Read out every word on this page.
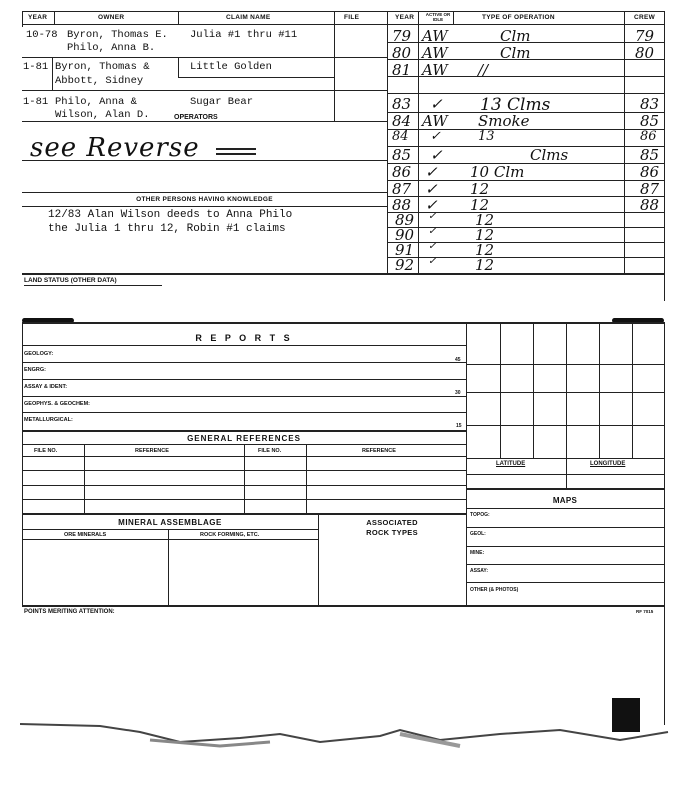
YEAR	OWNER	CLAIM NAME	FILE	YEAR	ACTIVE OR IDLE	TYPE OF OPERATION	CREW
10-78 Byron, Thomas E.
Philo, Anna B.
Julia #1 thru #11
1-81 Byron, Thomas &
Abbott, Sidney
Little Golden
1-81 Philo, Anna &
Wilson, Alan D.
Sugar Bear
OPERATORS
see Reverse
OTHER PERSONS HAVING KNOWLEDGE
12/83 Alan Wilson deeds to Anna Philo
the Julia 1 thru 12, Robin #1 claims
79 AW	Clm	79
80 AW	Clm	80
81 AW //
83 ✓ 13 Clms	83
84 AW Smoke	85
84 ✓	13	86
85 ✓	Clms	85
86 ✓ 10 Clm	86
87 ✓ 12	87
88 ✓ 12	88
89 ✓	12
90 ✓	12
91 ✓	12
92 ✓	12
LAND STATUS (OTHER DATA)
R E P O R T S
GEOLOGY:
45
ENGRG:
ASSAY & IDENT:
30
GEOPHYS. & GEOCHEM:
METALLURGICAL:
15
GENERAL REFERENCES
FILE NO.	REFERENCE	FILE NO.	REFERENCE
LATITUDE	LONGITUDE
MAPS
TOPOG:
GEOL:
MINE:
ASSAY:
OTHER (& PHOTOS)
MINERAL ASSEMBLAGE
ORE MINERALS	ROCK FORMING, ETC.
ASSOCIATED
ROCK TYPES
POINTS MERITING ATTENTION:	RF 7015
